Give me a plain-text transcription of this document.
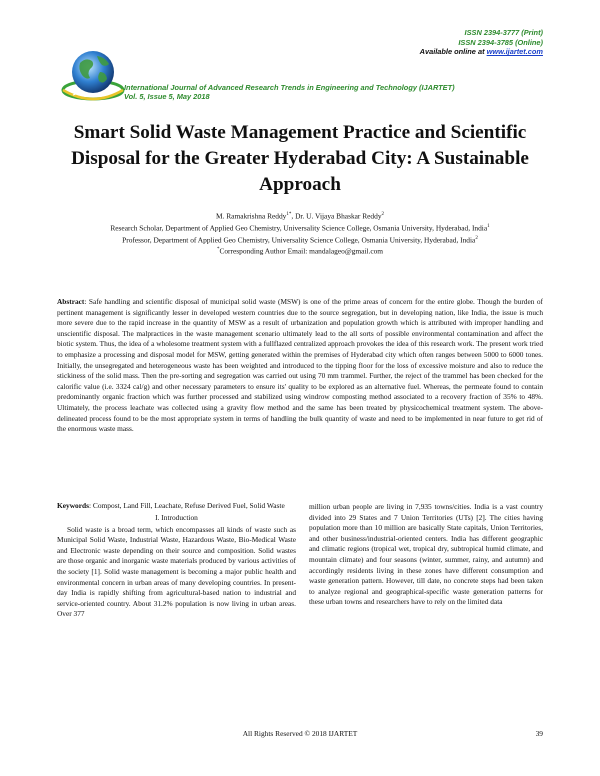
ISSN 2394-3777 (Print)
ISSN 2394-3785 (Online)
Available online at www.ijartet.com
International Journal of Advanced Research Trends in Engineering and Technology (IJARTET)
Vol. 5, Issue 5, May 2018
Smart Solid Waste Management Practice and Scientific Disposal for the Greater Hyderabad City: A Sustainable Approach
M. Ramakrishna Reddy$^{1*}$, Dr. U. Vijaya Bhaskar Reddy$^2$
Research Scholar, Department of Applied Geo Chemistry, Universality Science College, Osmania University, Hyderabad, India$^1$
Professor, Department of Applied Geo Chemistry, Universality Science College, Osmania University, Hyderabad, India$^2$
*Corresponding Author Email: mandalageo@gmail.com
Abstract: Safe handling and scientific disposal of municipal solid waste (MSW) is one of the prime areas of concern for the entire globe. Though the burden of pertinent management is significantly lesser in developed western countries due to the source segregation, but in developing nation, like India, the issue is much more severe due to the rapid increase in the quantity of MSW as a result of urbanization and population growth which is attributed with improper handling and unscientific disposal. The malpractices in the waste management scenario ultimately lead to the all sorts of possible environmental contamination and affect the biotic system. Thus, the idea of a wholesome treatment system with a fullflazed centralized approach provokes the idea of this research work. The present work tried to emphasize a processing and disposal model for MSW, getting generated within the premises of Hyderabad city which often ranges between 5000 to 6000 tones. Initially, the unsegregated and heterogeneous waste has been weighted and introduced to the tipping floor for the loss of excessive moisture and also to reduce the stickiness of the solid mass. Then the pre-sorting and segregation was carried out using 70 mm trammel. Further, the reject of the trammel has been checked for the calorific value (i.e. 3324 cal/g) and other necessary parameters to ensure its' quality to be explored as an alternative fuel. Whereas, the permeate found to contain predominantly organic fraction which was further processed and stabilized using windrow composting method associated to a recovery fraction of 35% to 48%. Ultimately, the process leachate was collected using a gravity flow method and the same has been treated by physicochemical treatment system. The above-delineated process found to be the most appropriate system in terms of handling the bulk quantity of waste and need to be implemented in near future to get rid of the enormous waste mass.
Keywords: Compost, Land Fill, Leachate, Refuse Derived Fuel, Solid Waste
I. Introduction

Solid waste is a broad term, which encompasses all kinds of waste such as Municipal Solid Waste, Industrial Waste, Hazardous Waste, Bio-Medical Waste and Electronic waste depending on their source and composition. Solid wastes are those organic and inorganic waste materials produced by various activities of the society [1]. Solid waste management is becoming a major public health and environmental concern in urban areas of many developing countries. In present-day India is rapidly shifting from agricultural-based nation to industrial and service-oriented country. About 31.2% population is now living in urban areas. Over 377

million urban people are living in 7,935 towns/cities. India is a vast country divided into 29 States and 7 Union Territories (UTs) [2]. The cities having population more than 10 million are basically State capitals, Union Territories, and other business/industrial-oriented centers. India has different geographic and climatic regions (tropical wet, tropical dry, subtropical humid climate, and mountain climate) and four seasons (winter, summer, rainy, and autumn) and accordingly residents living in these zones have different consumption and waste generation pattern. However, till date, no concrete steps had been taken to analyze regional and geographical-specific waste generation patterns for these urban towns and researchers have to rely on the limited data

All Rights Reserved © 2018 IJARTET	39
